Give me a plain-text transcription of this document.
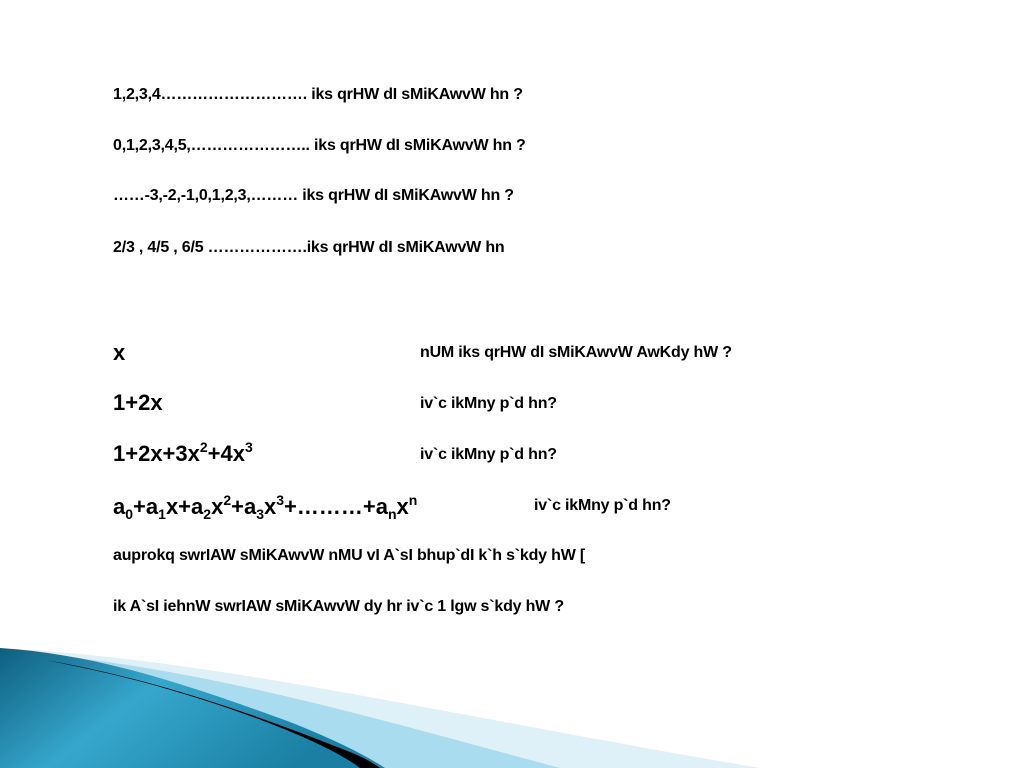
1,2,3,4………………………. iks qrHW dI sMiKAwvW hn ?
0,1,2,3,4,5,………………….. iks qrHW dI sMiKAwvW hn ?
……-3,-2,-1,0,1,2,3,……… iks qrHW dI sMiKAwvW hn ?
2/3 , 4/5 , 6/5 ……………….iks qrHW dI sMiKAwvW hn
x	nUM iks qrHW dI sMiKAwvW AwKdy hW ?
1+2x	iv`c ikMny p`d hn?
$1+2x+3x^2+4x^3$	iv`c ikMny p`d hn?
$a_0+a_1x+a_2x^2+a_3x^3+\dots\dots\dots+a_nx^n$	iv`c ikMny p`d hn?
auprokq swrIAW sMiKAwvW nMU vI A`sI bhup`dI k`h s`kdy hW [
ik A`sI iehnW swrIAW sMiKAwvW dy hr iv`c 1 lgw s`kdy hW ?
